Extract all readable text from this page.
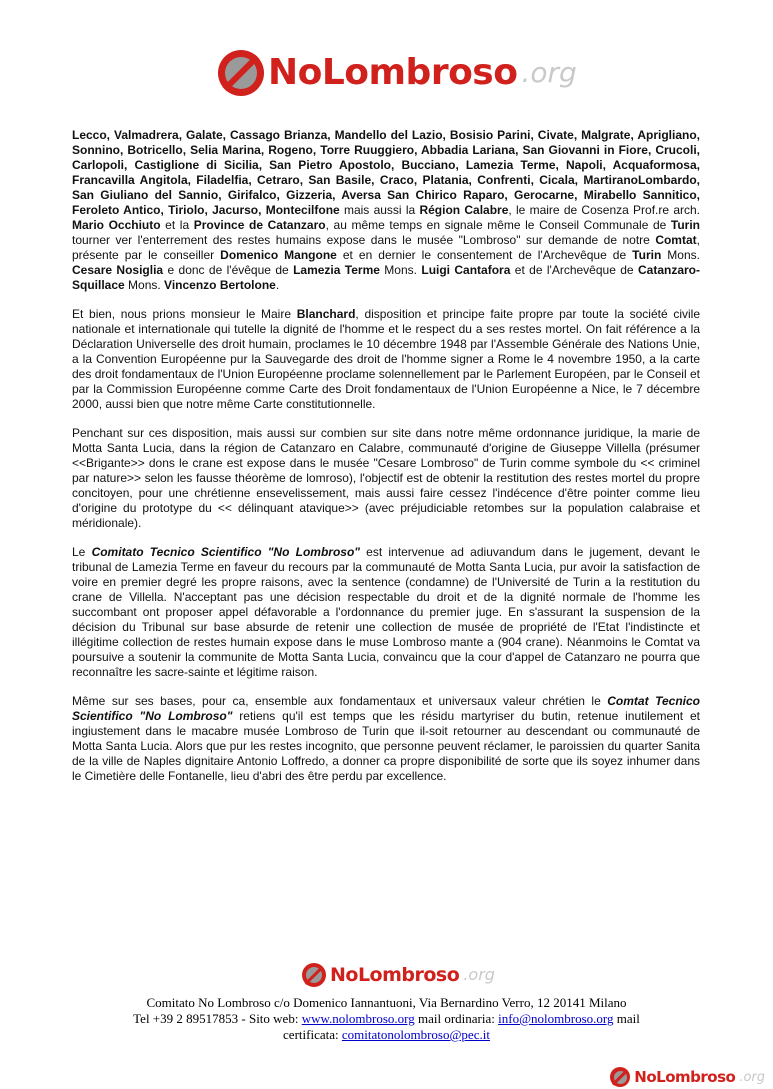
NoLombroso .org

Lecco, Valmadrera, Galate, Cassago Brianza, Mandello del Lazio, Bosisio Parini, Civate, Malgrate, Aprigliano, Sonnino, Botricello, Selia Marina, Rogeno, Torre Ruuggiero, Abbadia Lariana, San Giovanni in Fiore, Crucoli, Carlopoli, Castiglione di Sicilia, San Pietro Apostolo, Bucciano, Lamezia Terme, Napoli, Acquaformosa, Francavilla Angitola, Filadelfia, Cetraro, San Basile, Craco, Platania, Confrenti, Cicala, MartiranoLombardo, San Giuliano del Sannio, Girifalco, Gizzeria, Aversa San Chirico Raparo, Gerocarne, Mirabello Sannitico, Feroleto Antico, Tiriolo, Jacurso, Montecilfone mais aussi la Région Calabre, le maire de Cosenza Prof.re arch. Mario Occhiuto et la Province de Catanzaro, au même temps en signale même le Conseil Communale de Turin tourner ver l'enterrement des restes humains expose dans le musée "Lombroso" sur demande de notre Comtat, présente par le conseiller Domenico Mangone et en dernier le consentement de l'Archevêque de Turin Mons. Cesare Nosiglia e donc de l'évêque de Lamezia Terme Mons. Luigi Cantafora et de l'Archevêque de Catanzaro-Squillace Mons. Vincenzo Bertolone.

Et bien, nous prions monsieur le Maire Blanchard, disposition et principe faite propre par toute la société civile nationale et internationale qui tutelle la dignité de l'homme et le respect du a ses restes mortel. On fait référence a la Déclaration Universelle des droit humain, proclames le 10 décembre 1948 par l'Assemble Générale des Nations Unie, a la Convention Européenne pur la Sauvegarde des droit de l'homme signer a Rome le 4 novembre 1950, a la carte des droit fondamentaux de l'Union Européenne proclame solennellement par le Parlement Européen, par le Conseil et par la Commission Européenne comme Carte des Droit fondamentaux de l'Union Européenne a Nice, le 7 décembre 2000, aussi bien que notre même Carte constitutionnelle.

Penchant sur ces disposition, mais aussi sur combien sur site dans notre même ordonnance juridique, la marie de Motta Santa Lucia, dans la région de Catanzaro en Calabre, communauté d'origine de Giuseppe Villella (présumer <<Brigante>> dons le crane est expose dans le musée "Cesare Lombroso" de Turin comme symbole du << criminel par nature>> selon les fausse théorème de lomroso), l'objectif est de obtenir la restitution des restes mortel du propre concitoyen, pour une chrétienne ensevelissement, mais aussi faire cessez l'indécence d'être pointer comme lieu d'origine du prototype du << délinquant atavique>> (avec préjudiciable retombes sur la population calabraise et méridionale).

Le Comitato Tecnico Scientifico "No Lombroso" est intervenue ad adiuvandum dans le jugement, devant le tribunal de Lamezia Terme en faveur du recours par la communauté de Motta Santa Lucia, pur avoir la satisfaction de voire en premier degré les propre raisons, avec la sentence (condamne) de l'Université de Turin a la restitution du crane de Villella. N'acceptant pas une décision respectable du droit et de la dignité normale de l'homme les succombant ont proposer appel défavorable a l'ordonnance du premier juge. En s'assurant la suspension de la décision du Tribunal sur base absurde de retenir une collection de musée de propriété de l'Etat l'indistincte et illégitime collection de restes humain expose dans le muse Lombroso mante a (904 crane). Néanmoins le Comtat va poursuive a soutenir la communite de Motta Santa Lucia, convaincu que la cour d'appel de Catanzaro ne pourra que reconnaître les sacre-sainte et légitime raison.

Même sur ses bases, pour ca, ensemble aux fondamentaux et universaux valeur chrétien le Comtat Tecnico Scientifico "No Lombroso" retiens qu'il est temps que les résidu martyriser du butin, retenue inutilement et ingiustement dans le macabre musée Lombroso de Turin que il-soit retourner au descendant ou communauté de Motta Santa Lucia. Alors que pur les restes incognito, que personne peuvent réclamer, le paroissien du quarter Sanita de la ville de Naples dignitaire Antonio Loffredo, a donner ca propre disponibilité de sorte que ils soyez inhumer dans le Cimetière delle Fontanelle, lieu d'abri des être perdu par excellence.

NoLombroso .org
Comitato No Lombroso c/o Domenico Iannantuoni, Via Bernardino Verro, 12 20141 Milano
Tel +39 2 89517853 - Sito web: www.nolombroso.org mail ordinaria: info@nolombroso.org mail
certificata: comitatonolombroso@pec.it
NoLombroso .org
